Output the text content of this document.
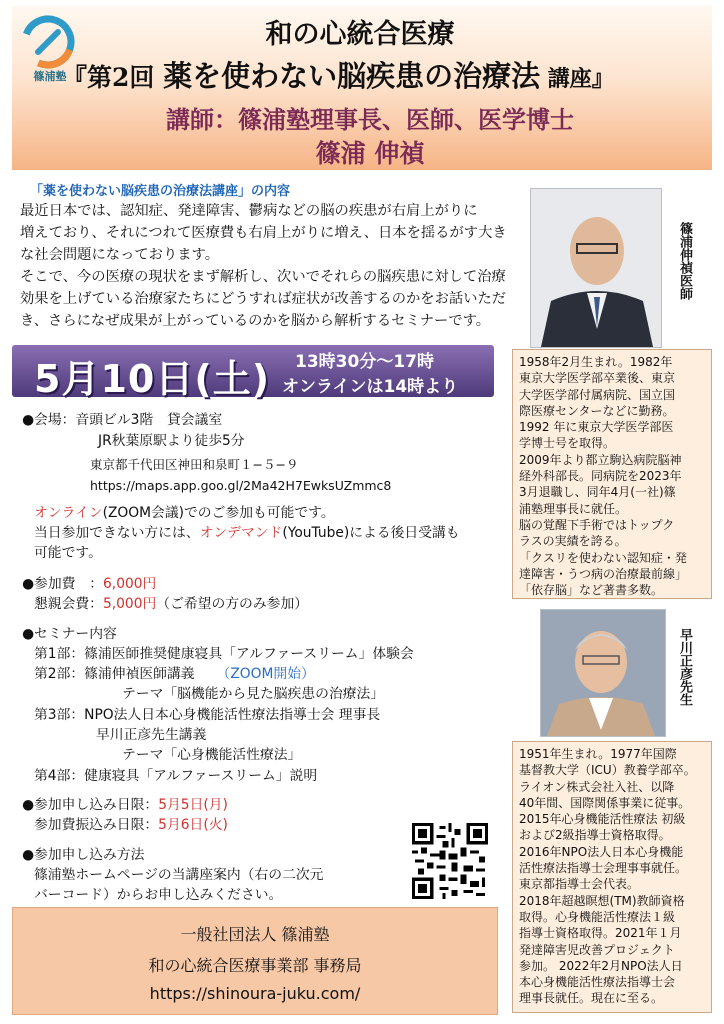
篠浦塾
和の心統合医療
『第2回 薬を使わない脳疾患の治療法 講座』
講師：篠浦塾理事長、医師、医学博士
篠浦 伸禎
「薬を使わない脳疾患の治療法講座」の内容
最近日本では、認知症、発達障害、鬱病などの脳の疾患が右肩上がりに
増えており、それにつれて医療費も右肩上がりに増え、日本を揺るがす大き
な社会問題になっております。
そこで、今の医療の現状をまず解析し、次いでそれらの脳疾患に対して治療
効果を上げている治療家たちにどうすれば症状が改善するのかをお話いただ
き、さらになぜ成果が上がっているのかを脳から解析するセミナーです。
篠浦伸禎医師
1958年2月生まれ。1982年
東京大学医学部卒業後、東京
大学医学部付属病院、国立国
際医療センターなどに勤務。
1992 年に東京大学医学部医
学博士号を取得。
2009年より都立駒込病院脳神
経外科部長。同病院を2023年
3月退職し、同年4月(一社)篠
浦塾理事長に就任。
脳の覚醒下手術ではトップク
ラスの実績を誇る。
「クスリを使わない認知症・発
達障害・うつ病の治療最前線」
「依存脳」など著書多数。
5月10日(土) 13時30分～17時
オンラインは14時より
●会場：音頭ビル3階　貸会議室
JR秋葉原駅より徒歩5分
東京都千代田区神田和泉町１−５−９
https://maps.app.goo.gl/2Ma42H7EwksUZmmc8
オンライン(ZOOM会議)でのご参加も可能です。
当日参加できない方には、オンデマンド(YouTube)による後日受講も
可能です。
●参加費　：6,000円
懇親会費：5,000円（ご希望の方のみ参加）
●セミナー内容
第1部：篠浦医師推奨健康寝具「アルファースリーム」体験会
第2部：篠浦伸禎医師講義 （ZOOM開始）
テーマ「脳機能から見た脳疾患の治療法」
第3部：NPO法人日本心身機能活性療法指導士会 理事長
早川正彦先生講義
テーマ「心身機能活性療法」
第4部：健康寝具「アルファースリーム」説明
●参加申し込み日限：5月5日(月)
参加費振込み日限：5月6日(火)
●参加申し込み方法
篠浦塾ホームページの当講座案内（右の二次元
バーコード）からお申し込みください。
早川正彦先生
1951年生まれ。1977年国際
基督教大学（ICU）教養学部卒。
ライオン株式会社入社、以降
40年間、国際関係事業に従事。
2015年心身機能活性療法 初級
および2級指導士資格取得。
2016年NPO法人日本心身機能
活性療法指導士会理事事就任。
東京都指導士会代表。
2018年超越瞑想(TM)教師資格
取得。心身機能活性療法１級
指導士資格取得。2021年１月
発達障害児改善プロジェクト
参加。 2022年2月NPO法人日
本心身機能活性療法指導士会
理事長就任。現在に至る。
一般社団法人 篠浦塾
和の心統合医療事業部 事務局
https://shinoura-juku.com/
